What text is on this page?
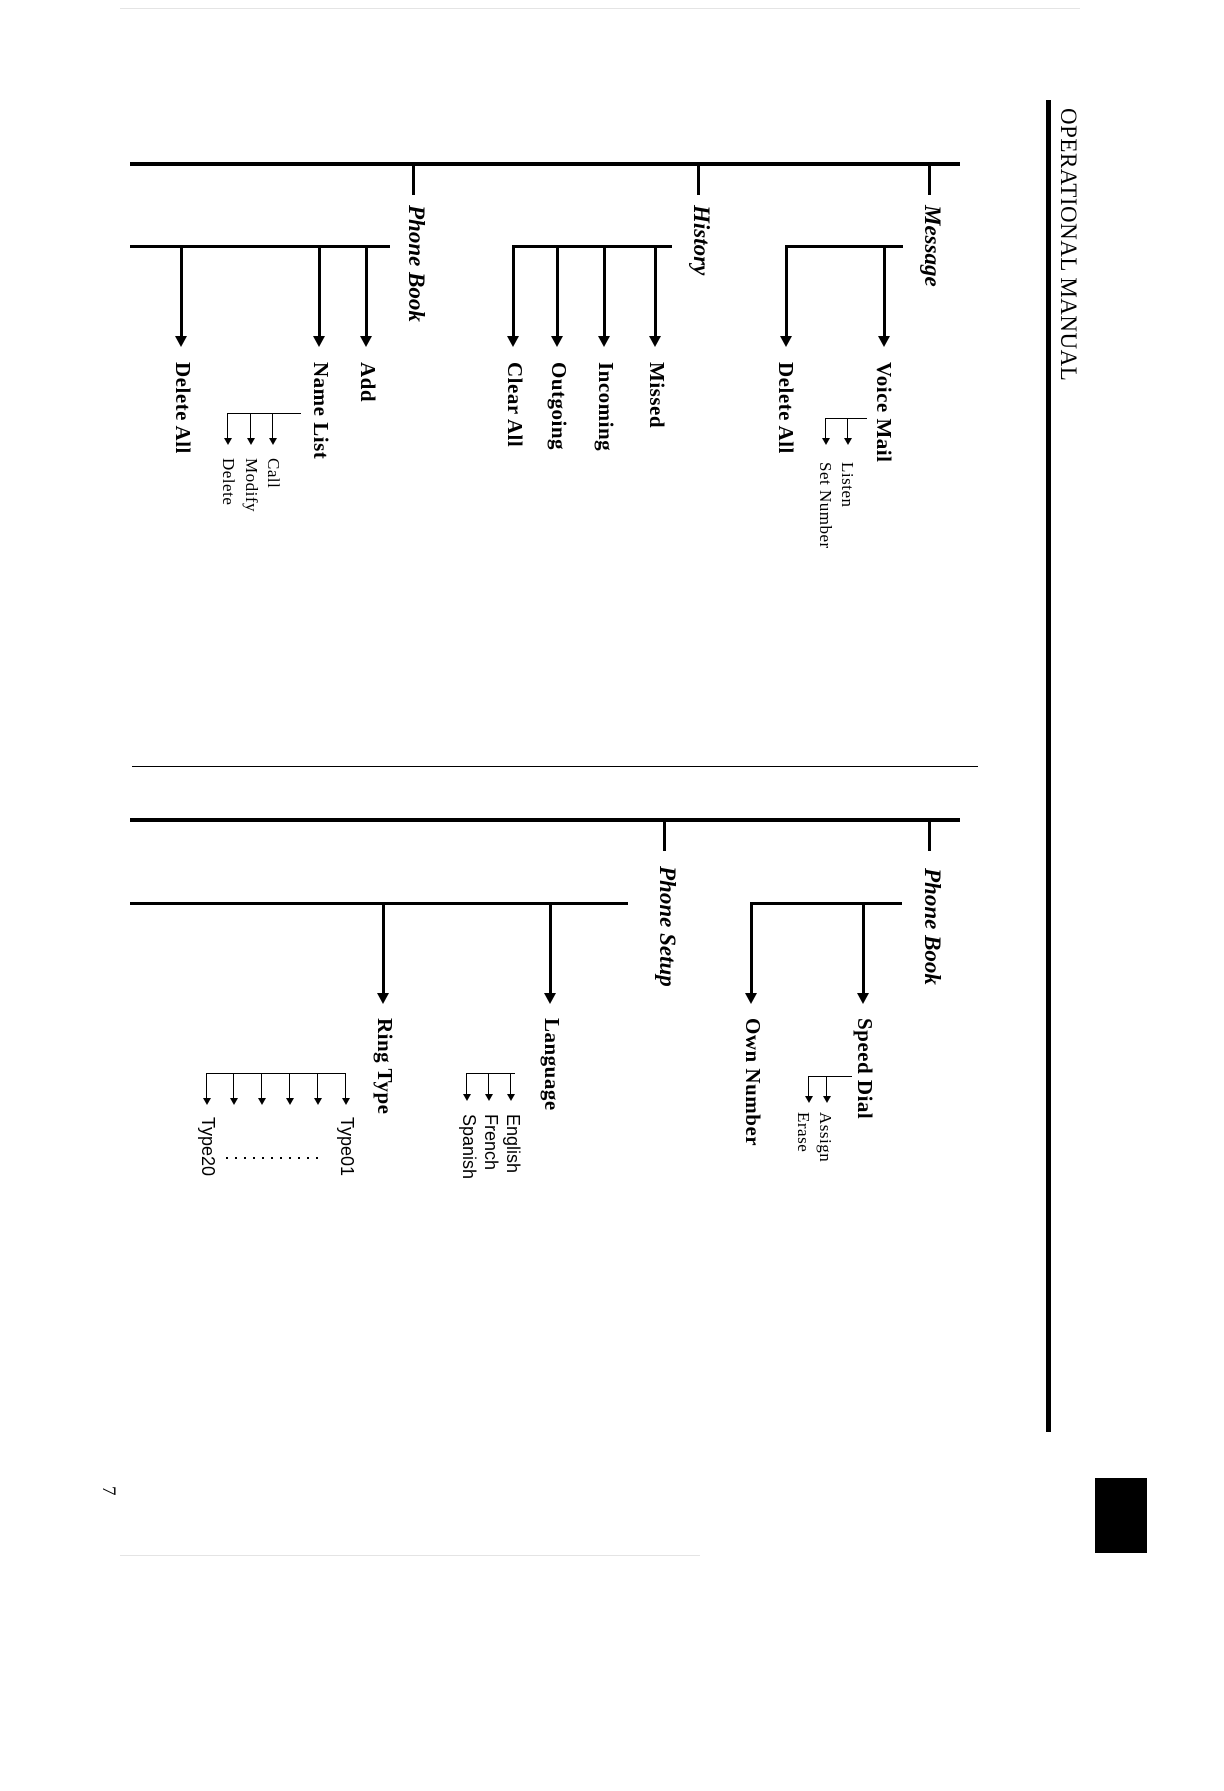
OPERATIONAL MANUAL
Programming Menu
7
Message
Voice Mail
Delete All
Listen
Set Number
History
Missed
Incoming
Outgoing
Clear All
Phone Book
Add
Name List
Delete All
Call
Modify
Delete
Phone Book
Speed Dial
Own Number	Assign
Erase
Phone Setup
Language
Ring Type
English
French
Spanish
Type01
Type20
